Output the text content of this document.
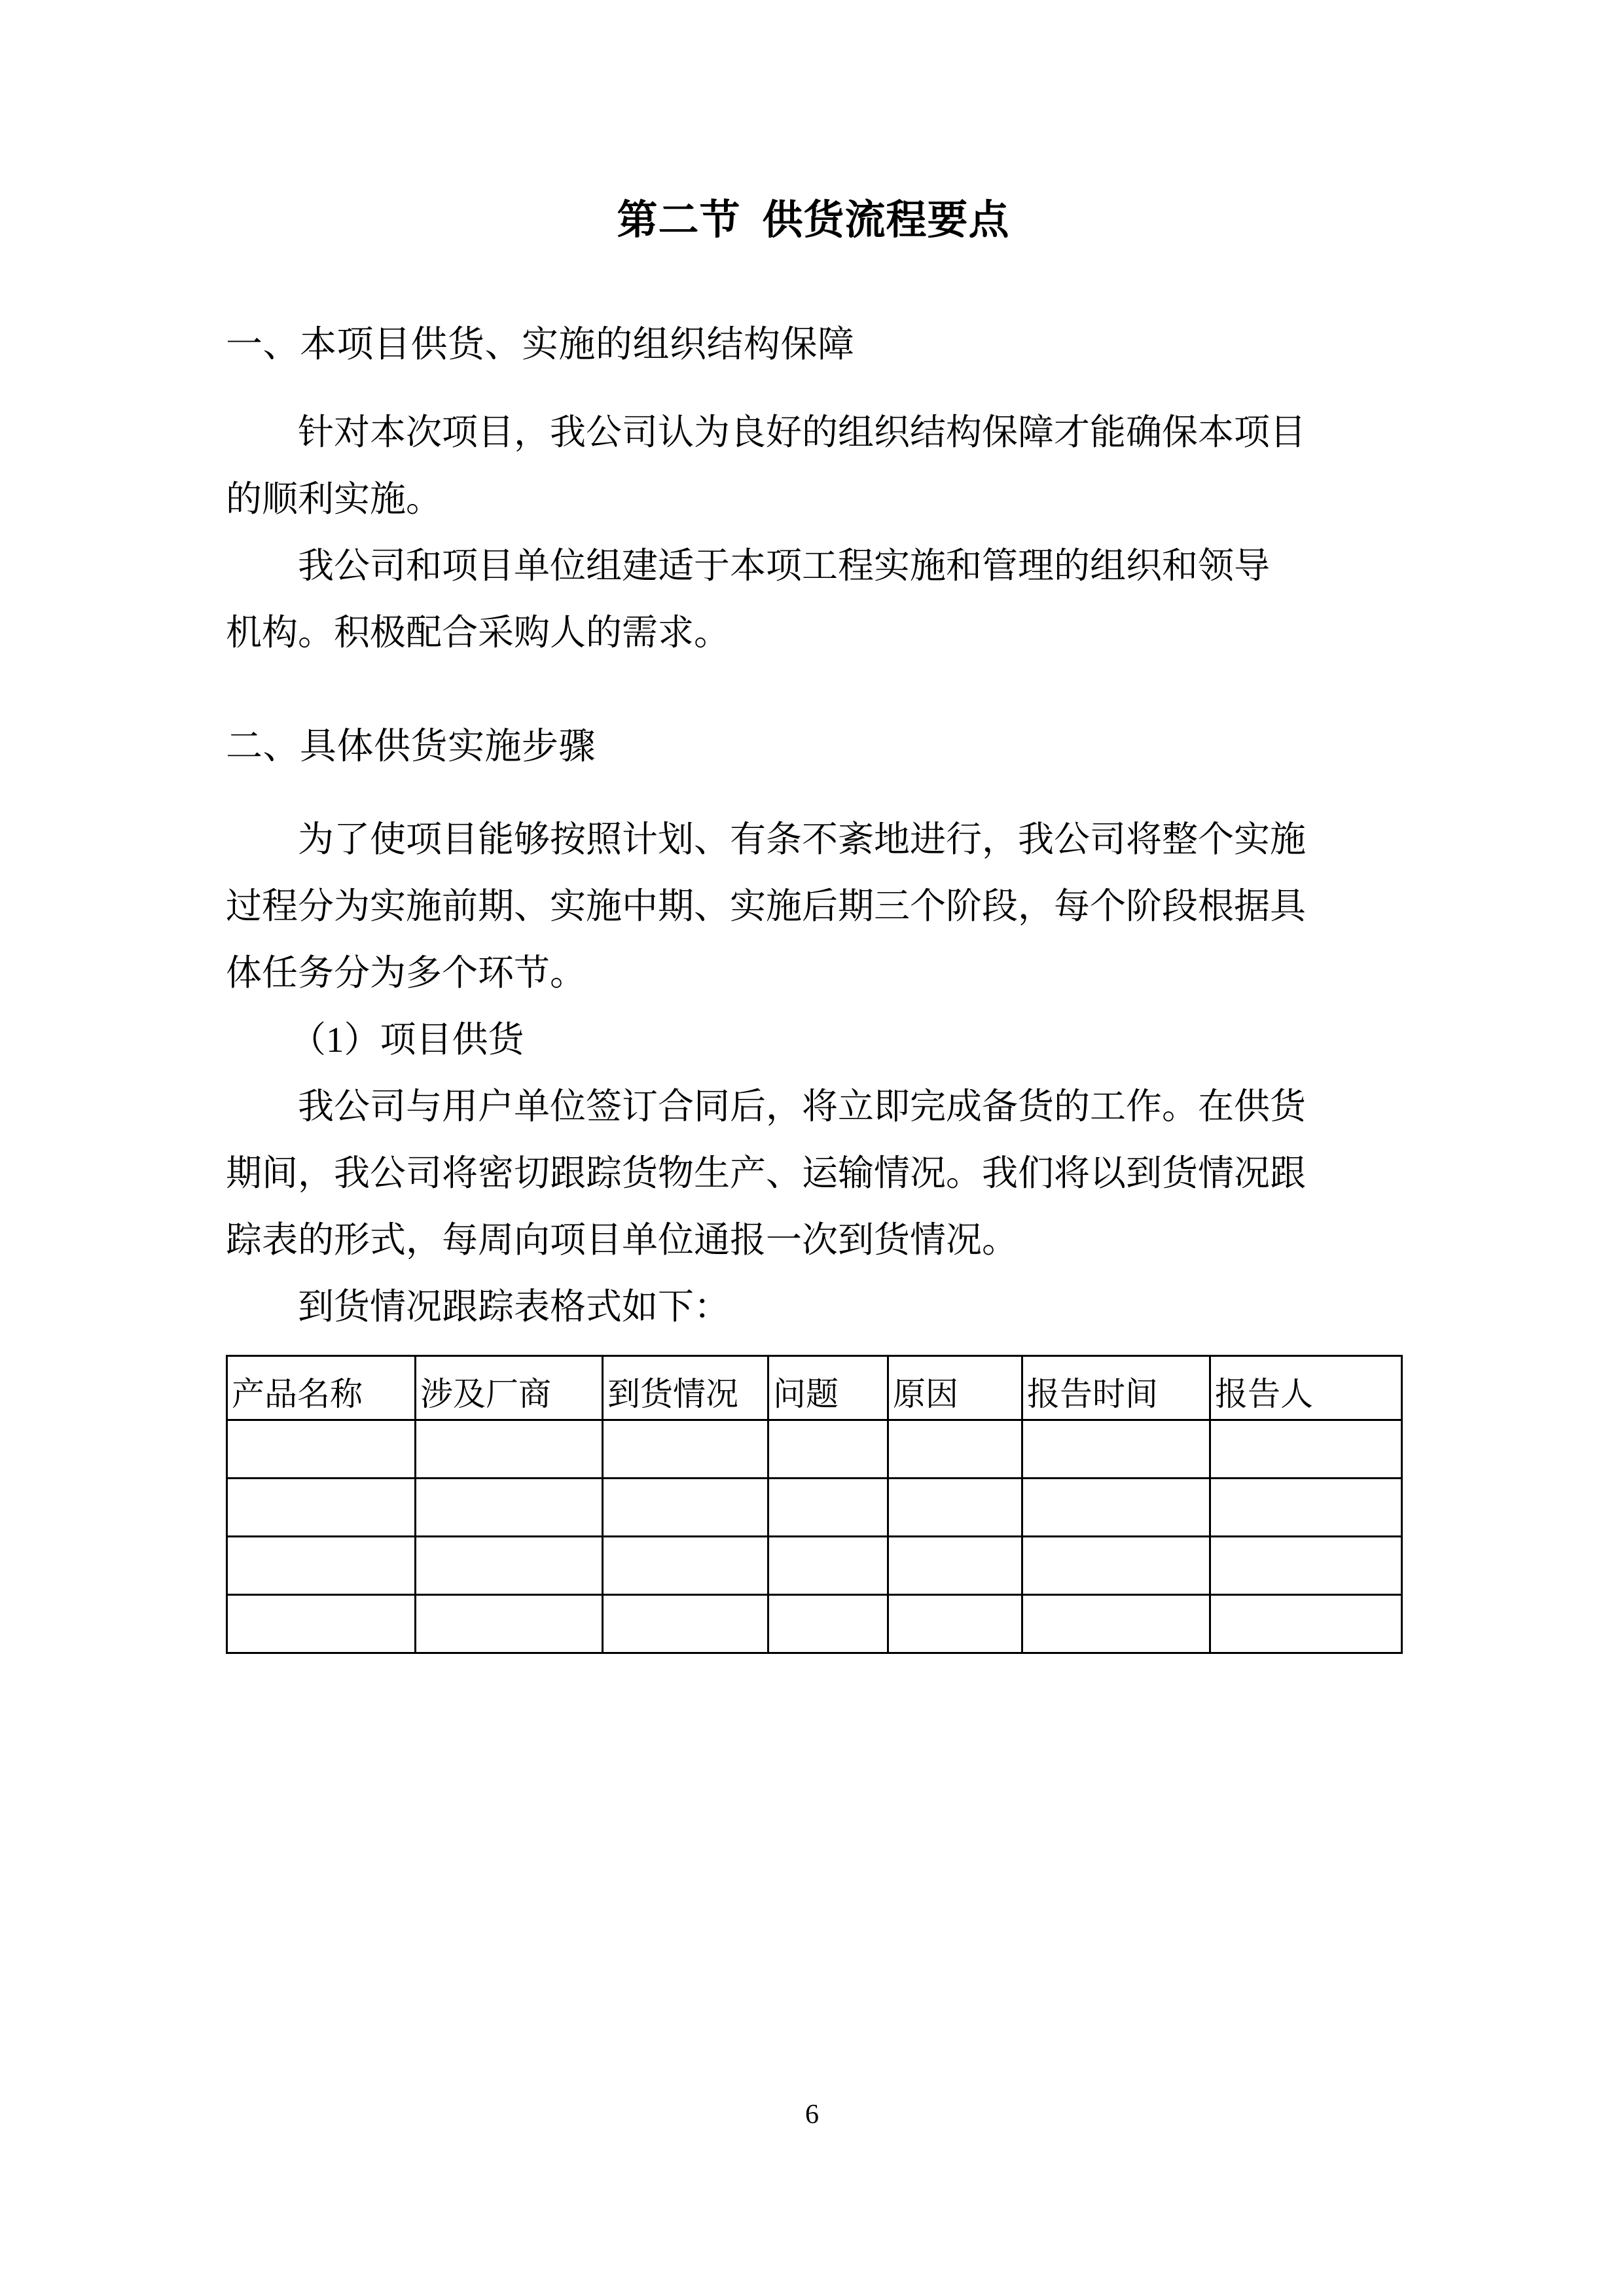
第二节  供货流程要点
一、本项目供货、实施的组织结构保障
针对本次项目，我公司认为良好的组织结构保障才能确保本项目
的顺利实施。
我公司和项目单位组建适于本项工程实施和管理的组织和领导
机构。积极配合采购人的需求。
二、具体供货实施步骤
为了使项目能够按照计划、有条不紊地进行，我公司将整个实施
过程分为实施前期、实施中期、实施后期三个阶段，每个阶段根据具
体任务分为多个环节。
（1）项目供货
我公司与用户单位签订合同后，将立即完成备货的工作。在供货
期间，我公司将密切跟踪货物生产、运输情况。我们将以到货情况跟
踪表的形式，每周向项目单位通报一次到货情况。
到货情况跟踪表格式如下：
产品名称	涉及厂商	到货情况	问题	原因	报告时间	报告人

6
